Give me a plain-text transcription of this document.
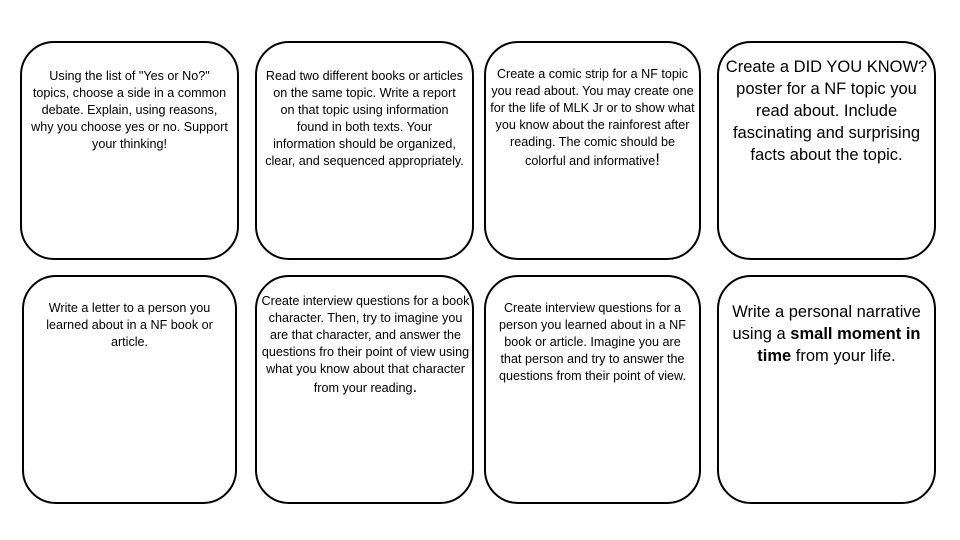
Using the list of "Yes or No?" topics, choose a side in a common debate. Explain, using reasons, why you choose yes or no. Support your thinking!

Read two different books or articles on the same topic. Write a report on that topic using information found in both texts. Your information should be organized, clear, and sequenced appropriately.

Create a comic strip for a NF topic you read about. You may create one for the life of MLK Jr or to show what you know about the rainforest after reading. The comic should be colorful and informative!

Create a DID YOU KNOW? poster for a NF topic you read about. Include fascinating and surprising facts about the topic.

Write a letter to a person you learned about in a NF book or article.

Create interview questions for a book character. Then, try to imagine you are that character, and answer the questions fro their point of view using what you know about that character from your reading.

Create interview questions for a person you learned about in a NF book or article. Imagine you are that person and try to answer the questions from their point of view.

Write a personal narrative using a small moment in time from your life.
